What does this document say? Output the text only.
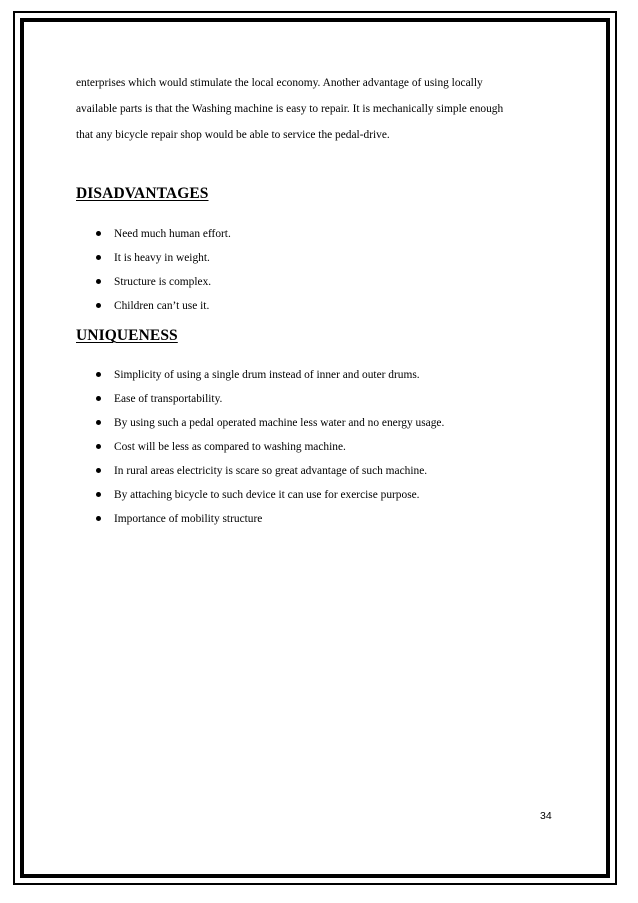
enterprises which would stimulate the local economy. Another advantage of using locally

available parts is that the Washing machine is easy to repair. It is mechanically simple enough

that any bicycle repair shop would be able to service the pedal-drive.

DISADVANTAGES
Need much human effort.
It is heavy in weight.
Structure is complex.
Children can’t use it.
UNIQUENESS
Simplicity of using a single drum instead of inner and outer drums.
Ease of transportability.
By using such a pedal operated machine less water and no energy usage.
Cost will be less as compared to washing machine.
In rural areas electricity is scare so great advantage of such machine.
By attaching bicycle to such device it can use for exercise purpose.
Importance of mobility structure
34
